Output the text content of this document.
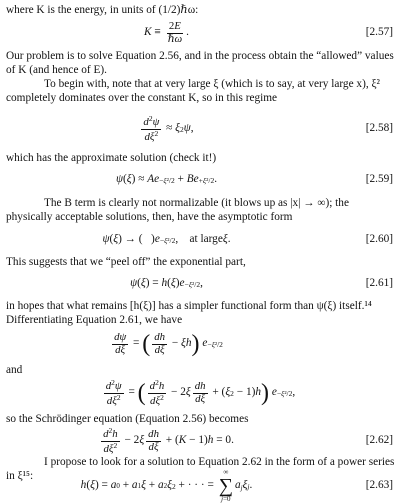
where K is the energy, in units of (1/2)ℏω:
$K \equiv \frac{2E}{\text{ℏω}}$ .	[2.57]
Our problem is to solve Equation 2.56, and in the process obtain the “allowed” values of K (and hence of E).
To begin with, note that at very large ξ (which is to say, at very large x), ξ² completely dominates over the constant K, so in this regime
$\frac{d^2\psi}{d\xi^2} \approx \xi$ 2 ψ ,	[2.58]
which has the approximate solution (check it!)
ψ ( ξ ) ≈ Ae −ξ²/2 + Be +ξ²/2 .	[2.59]
The B term is clearly not normalizable (it blows up as |x| → ∞); the physically acceptable solutions, then, have the asymptotic form
ψ ( ξ ) → (   ) e −ξ²/2 ,    at large ξ .	[2.60]
This suggests that we “peel off” the exponential part,
ψ ( ξ ) = h ( ξ ) e −ξ²/2 ,	[2.61]
in hopes that what remains [h(ξ)] has a simpler functional form than ψ(ξ) itself.¹⁴ Differentiating Equation 2.61, we have
$\frac{d\psi}{d\xi}$ = ( $\frac{dh}{d\xi} - \xi h$ )
e −ξ²/2
and
$\frac{d^2\psi}{d\xi^2}$ = ( $\frac{d^2h}{d\xi^2} - 2$ ξ $\frac{dh}{d\xi}$ + ( ξ 2 − 1) h )
e −ξ²/2 ,
so the Schrödinger equation (Equation 2.56) becomes
$\frac{d^2h}{d\xi^2} - 2$ ξ $\frac{dh}{d\xi}$ + ( K − 1) h = 0.	[2.62]
I propose to look for a solution to Equation 2.62 in the form of a power series in ξ¹⁵:
h ( ξ ) = a 0 + a 1 ξ + a 2 ξ 2 + · · · =
∞
∑
j=0
$a_j\xi$ j .	[2.63]
